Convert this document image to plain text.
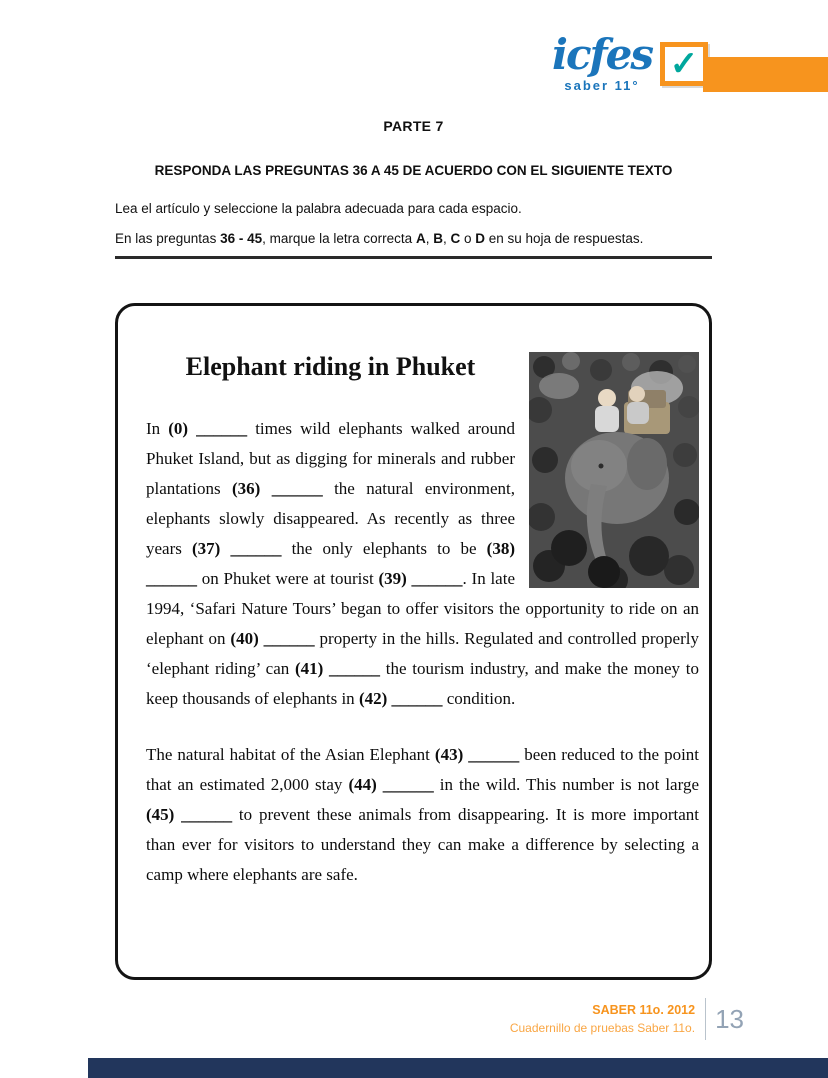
icfes
saber 11°
✓
PARTE 7
RESPONDA LAS PREGUNTAS 36 A 45 DE ACUERDO CON EL SIGUIENTE TEXTO
Lea el artículo y seleccione la palabra adecuada para cada espacio.
En las preguntas 36 - 45, marque la letra correcta A, B, C o D en su hoja de respuestas.
Elephant riding in Phuket

In (0) ______ times wild elephants walked around Phuket Island, but as digging for minerals and rubber plantations (36) ______ the natural environment, elephants slowly disappeared. As recently as three years (37) ______ the only elephants to be (38) ______ on Phuket were at tourist (39) ______. In late 1994, ‘Safari Nature Tours’ began to offer visitors the opportunity to ride on an elephant on (40) ______ property in the hills. Regulated and controlled properly ‘elephant riding’ can (41) ______ the tourism industry, and make the money to keep thousands of elephants in (42) ______ condition.

The natural habitat of the Asian Elephant (43) ______ been reduced to the point that an estimated 2,000 stay (44) ______ in the wild. This number is not large (45) ______ to prevent these animals from disappearing. It is more important than ever for visitors to understand they can make a difference by selecting a camp where elephants are safe.

SABER 11o. 2012
Cuadernillo de pruebas Saber 11o. 13
